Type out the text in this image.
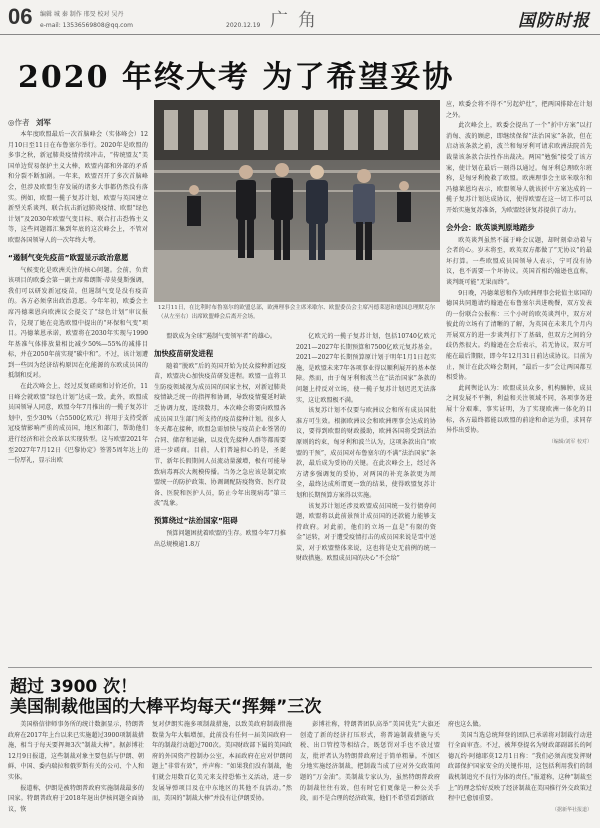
06 编辑 城 秦 制作 邢旻 校对 吴丹
e-mail: 13536569808@qq.com	2020.12.19 广角	国防时报
2020 年终大考 为了希望妥协
◎作者 刘军

本年度欧盟最后一次首脑峰会（实体峰会）12月10日至11日在布鲁塞尔举行。2020年是欧盟的多事之秋，新冠肺炎疫情持续冲击，“传统盟友”美国单边贸易保护主义大棒，欧盟内部和外部的矛盾和分裂不断加剧。一年来，欧盟召开了多次首脑峰会，但涉及欧盟生存发展的诸多大事都仍然没有落实。例如，欧盟一揽子复苏计划、欧盟与英国建立新型关系谈判、联合抗击新冠肺炎疫情、欧盟“绿色计划”及2030年欧盟气变目标、联合打击恐怖主义等，这些问题都汇集到年底的这次峰会上，不管对欧盟各国领导人的一次年终大考。

“遏制气变先疫苗”欧盟显示政治意愿

气候变化是欧洲关注的核心问题。会前，负责该项目的欧委会第一副主席弗朗斯·蒂莫曼斯强调，我们可以研发新冠疫苗，但遏制气变是没有疫苗的。各方必须拿出政治意愿。今年年初，欧委会主席冯德莱恩向欧洲议会提交了“绿色计划”审议报告，兑现了她在竞选欧盟中提出的“环保和气变”项目。冯德莱恩承诺，欧盟将在2030年实现与1990年基准气体排放量相比减少50%—55%的减排目标，并在2050年前实现“碳中和”。不过，该计划遭到一些因为经济结构原因在化能源的东欧成员国的抵制和反对。

在此次峰会上，经过反复磋商和讨价还价，11日峰会就欧盟“绿色计划”达成一致。此外，欧盟成员国领导人同意，欧盟今年7月推出的一揽子复苏计划中，至少30%（合5500亿欧元）将用于支持受新冠疫情影响严重的成员国，地区和部门，帮助他们进行经济和社会改革以实现转型。这与欧盟2021年至2027年7月12日《巴黎协定》签署5周年达上的一份厚礼，显示出欧

12月11日，在比利时布鲁塞尔的欧盟总部，欧洲理事会主席米歇尔、欧盟委员会主席冯德莱恩和德国总理默克尔（从左至右）出席欧盟峰会后离开会场。

盟欲成为全球“遏制气变领军者”的雄心。

加快疫苗研发进程

随着“脱欧”后的英国开始为民众接种新冠疫苗，欧盟决心加快疫苗研发进程。欧盟一直将卫生防疫领域视为成员国的国家主权，对新冠肺炎疫情缺乏统一的指挥和协调，导致疫情蔓延时缺乏协调力度，连续数月，本次峰会将要向欧盟各成员国卫生部门所支持的疫苗接种计划。很多人冬天都在接种，欧盟急需加快与疫苗企业签署的合同、储存和运输，以及优先接种人群等都需要进一步磋商。目前，人们普遍担心的是，圣诞节、新年长假期间人员流动量激增，极有可能导致病毒再次大规模传播。当务之急应该是制定欧盟统一的防护政策、协调调配防疫物资、医疗设备、医院和医护人员，防止今年出现病毒“第三波”乱象。

预算绕过“法治国家”阻碍

预算问题困扰着欧盟的生存。欧盟今年7月推出总规模逾1.8万

亿欧元的一揽子复苏计划，包括10740亿欧元2021—2027年长期预算和7500亿欧元复苏基金。2021—2027年长期预算原计划于明年1月1日起实施，是欧盟未来7年各项事业得以顺利展开的基本保障。然而，由于匈牙利和波兰在“法治国家”条款的问题上持反对立场，使一揽子复苏计划迟迟无法落实，这让欧盟极不满。

该复苏计划不仅要与欧洲议会和所有成员国批准方可生效。根据欧洲议会和欧洲理事会达成的协议，要得到欧盟的财政援助，欧洲各国将受到法治原则的约束，匈牙利和波兰认为，这项条款出自“欧盟的干预”，成员国对布鲁塞尔的不满“法治国家”条款，最后成为妥协的关键。在此次峰会上，经过各方诸多强调复的妥协，对两国的补充条款更为周全，最终达成所谓更一致的结果，使得欧盟复苏计划和长期预算方案得以实施。

该复苏计划还涉及欧盟成员国统一发行债券问题，欧盟将以此前景预计成员国的还款能力能够支持政府。对此前，他们的立场一直是“有限的资金”运转，对于遭受疫情打击的成员国来说是雪中送炭，对于欧盟整体来说，这也将是史无前例的统一财政措施。欧盟成员国的决心“不会给”

应，欧委会将不得不“另起炉灶”，把两国排除在计划之外。

此次峰会上，欧委会提出了一个“折中方案”以打消匈、波的顾虑，即继续保留“法治国家”条款，但在启动该条款之前，波兰和匈牙利可请求欧洲法院首先裁量该条款合法性作出裁决。两国“勉强”接受了该方案，使计划在最后一刻得以通过。匈牙利总理欧尔班称，是匈牙利挽救了欧盟。欧洲理事会主席米歇尔和冯德莱恩均表示，欧盟领导人就该折中方案达成的一揽子复苏计划达成协议，使得欧盟在这一切工作可以开始实施复苏准备，为欧盟经济复苏提供了动力。

会外会：欧英谈判原地踏步

欧英谈判虽然不属于峰会议题，却时刻牵动着与会者的心。岁末将至，欧英双方都做了“无协议”的最坏打算。一些欧盟成员国领导人表示，宁可没有协议，也不需要一个坏协议。英国首相约翰逊也直称，谈判既可能“无果而终”。

9日晚，冯德莱恩和作为欧洲理事会轮值主席国的德国共同邀请约翰逊在布鲁塞尔共进晚餐，双方发表的一份联合公报称：三个小时的欧英谈判中，双方对彼此的立场有了清晰的了解，为英国在未来几个月内开展双方的进一步谈判打下了基础，但双方之间的分歧仍然很大。约翰逊在会后表示，若无协议，双方可能在最后期限，即今年12月31日前达成协议。目前为止，预计在此次峰会期间，“最后一步”会让两国都互相妥协。

此间舆论认为：欧盟成员众多，机构臃肿，成员之间发展不平衡，利益和关注领域不同，各项事务进展十分艰难，事实证明，为了实现欧洲一体化的目标，各方最终都能以欧盟的前途和命运为重，求同存异作出妥协。

（编辑/刘军 校对）
超过 3900 次！
美国制裁他国的大棒平均每天“挥舞”三次

美国格信律师事务所的统计数据显示，特朗普政府在2017年上台以来已实施超过3900项制裁措施，相当于每天要挥舞3次“制裁大棒”。据彭博社12月9日报道，这些制裁对象主要包括与伊朗、朝鲜、中国、委内瑞拉和俄罗斯有关的公司、个人和实体。

报道称，伊朗是被特朗普政府实施制裁最多的国家。特朗普政府于2018年退出伊核问题全面协议，恢

复对伊朗实施多项制裁措施，以致美政府制裁措施数量为年大幅增加，此前没有任何一届美国政府一年的制裁行动超过700次。美国财政部下属的美国政府的外国资产控制办公室，本届政府在应对伊朗问题上“非常有效”，并声称：“如果我们没有制裁，他们就会用数百亿美元来支持恐怖主义活动，进一步发展导弹项目及在中东地区的其他不良活动。”然而，美国的“制裁大棒”并没有让伊朗妥协。

彭博社称，特朗普团队高举“美国优先”大旗还创造了新的经济打压形式，将普遍制裁措施与关税、出口管控等相结合，既惩罚对手也不放过盟友，批评者认为特朗普政府过于简单粗暴。不加区分地实施经济制裁，把制裁当成了应对外交政策问题的“万金油”。美制裁专家认为，虽然特朗普政府的制裁往往有效，但有时它们更像是一种公关手段，而不是合理的经济政策，他们不希望看到新政

府也这么做。

美国当选总统拜登的团队已承诺将对制裁行动进行全面审查。不过，被拜登提名为财政部副部长的阿德瓦约·阿德耶莫12月1日称：“我们必须高度发挥财政部保护国家安全的关键作用，这包括利用我们的制裁机制追究不良行为体的责任。”报道称，这种“制裁至上”的理念恰好反映了经济制裁在美国推行外交政策过程中已愈加重要。

（据新华社报道）
